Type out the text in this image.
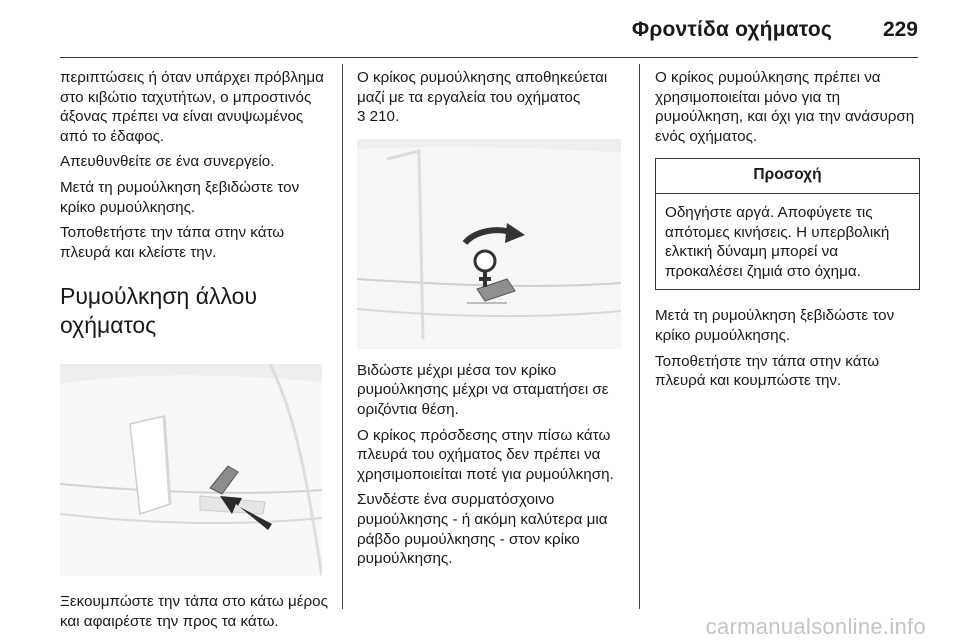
Φροντίδα οχήματος 229

περιπτώσεις ή όταν υπάρχει πρόβλημα στο κιβώτιο ταχυτήτων, ο μπροστινός άξονας πρέπει να είναι ανυψωμένος από το έδαφος.

Απευθυνθείτε σε ένα συνεργείο.

Μετά τη ρυμούλκηση ξεβιδώστε τον κρίκο ρυμούλκησης.

Τοποθετήστε την τάπα στην κάτω πλευρά και κλείστε την.

Ρυμούλκηση άλλου οχήματος

Ξεκουμπώστε την τάπα στο κάτω μέρος και αφαιρέστε την προς τα κάτω.

Ο κρίκος ρυμούλκησης αποθηκεύεται μαζί με τα εργαλεία του οχήματος
3 210.

Βιδώστε μέχρι μέσα τον κρίκο ρυμούλκησης μέχρι να σταματήσει σε οριζόντια θέση.

Ο κρίκος πρόσδεσης στην πίσω κάτω πλευρά του οχήματος δεν πρέπει να χρησιμοποιείται ποτέ για ρυμούλκηση.

Συνδέστε ένα συρματόσχοινο ρυμούλκησης - ή ακόμη καλύτερα μια ράβδο ρυμούλκησης - στον κρίκο ρυμούλκησης.

Ο κρίκος ρυμούλκησης πρέπει να χρησιμοποιείται μόνο για τη ρυμούλκηση, και όχι για την ανάσυρση ενός οχήματος.

Προσοχή
Οδηγήστε αργά. Αποφύγετε τις απότομες κινήσεις. Η υπερβολική ελκτική δύναμη μπορεί να προκαλέσει ζημιά στο όχημα.

Μετά τη ρυμούλκηση ξεβιδώστε τον κρίκο ρυμούλκησης.

Τοποθετήστε την τάπα στην κάτω πλευρά και κουμπώστε την.

carmanualsonline.info
